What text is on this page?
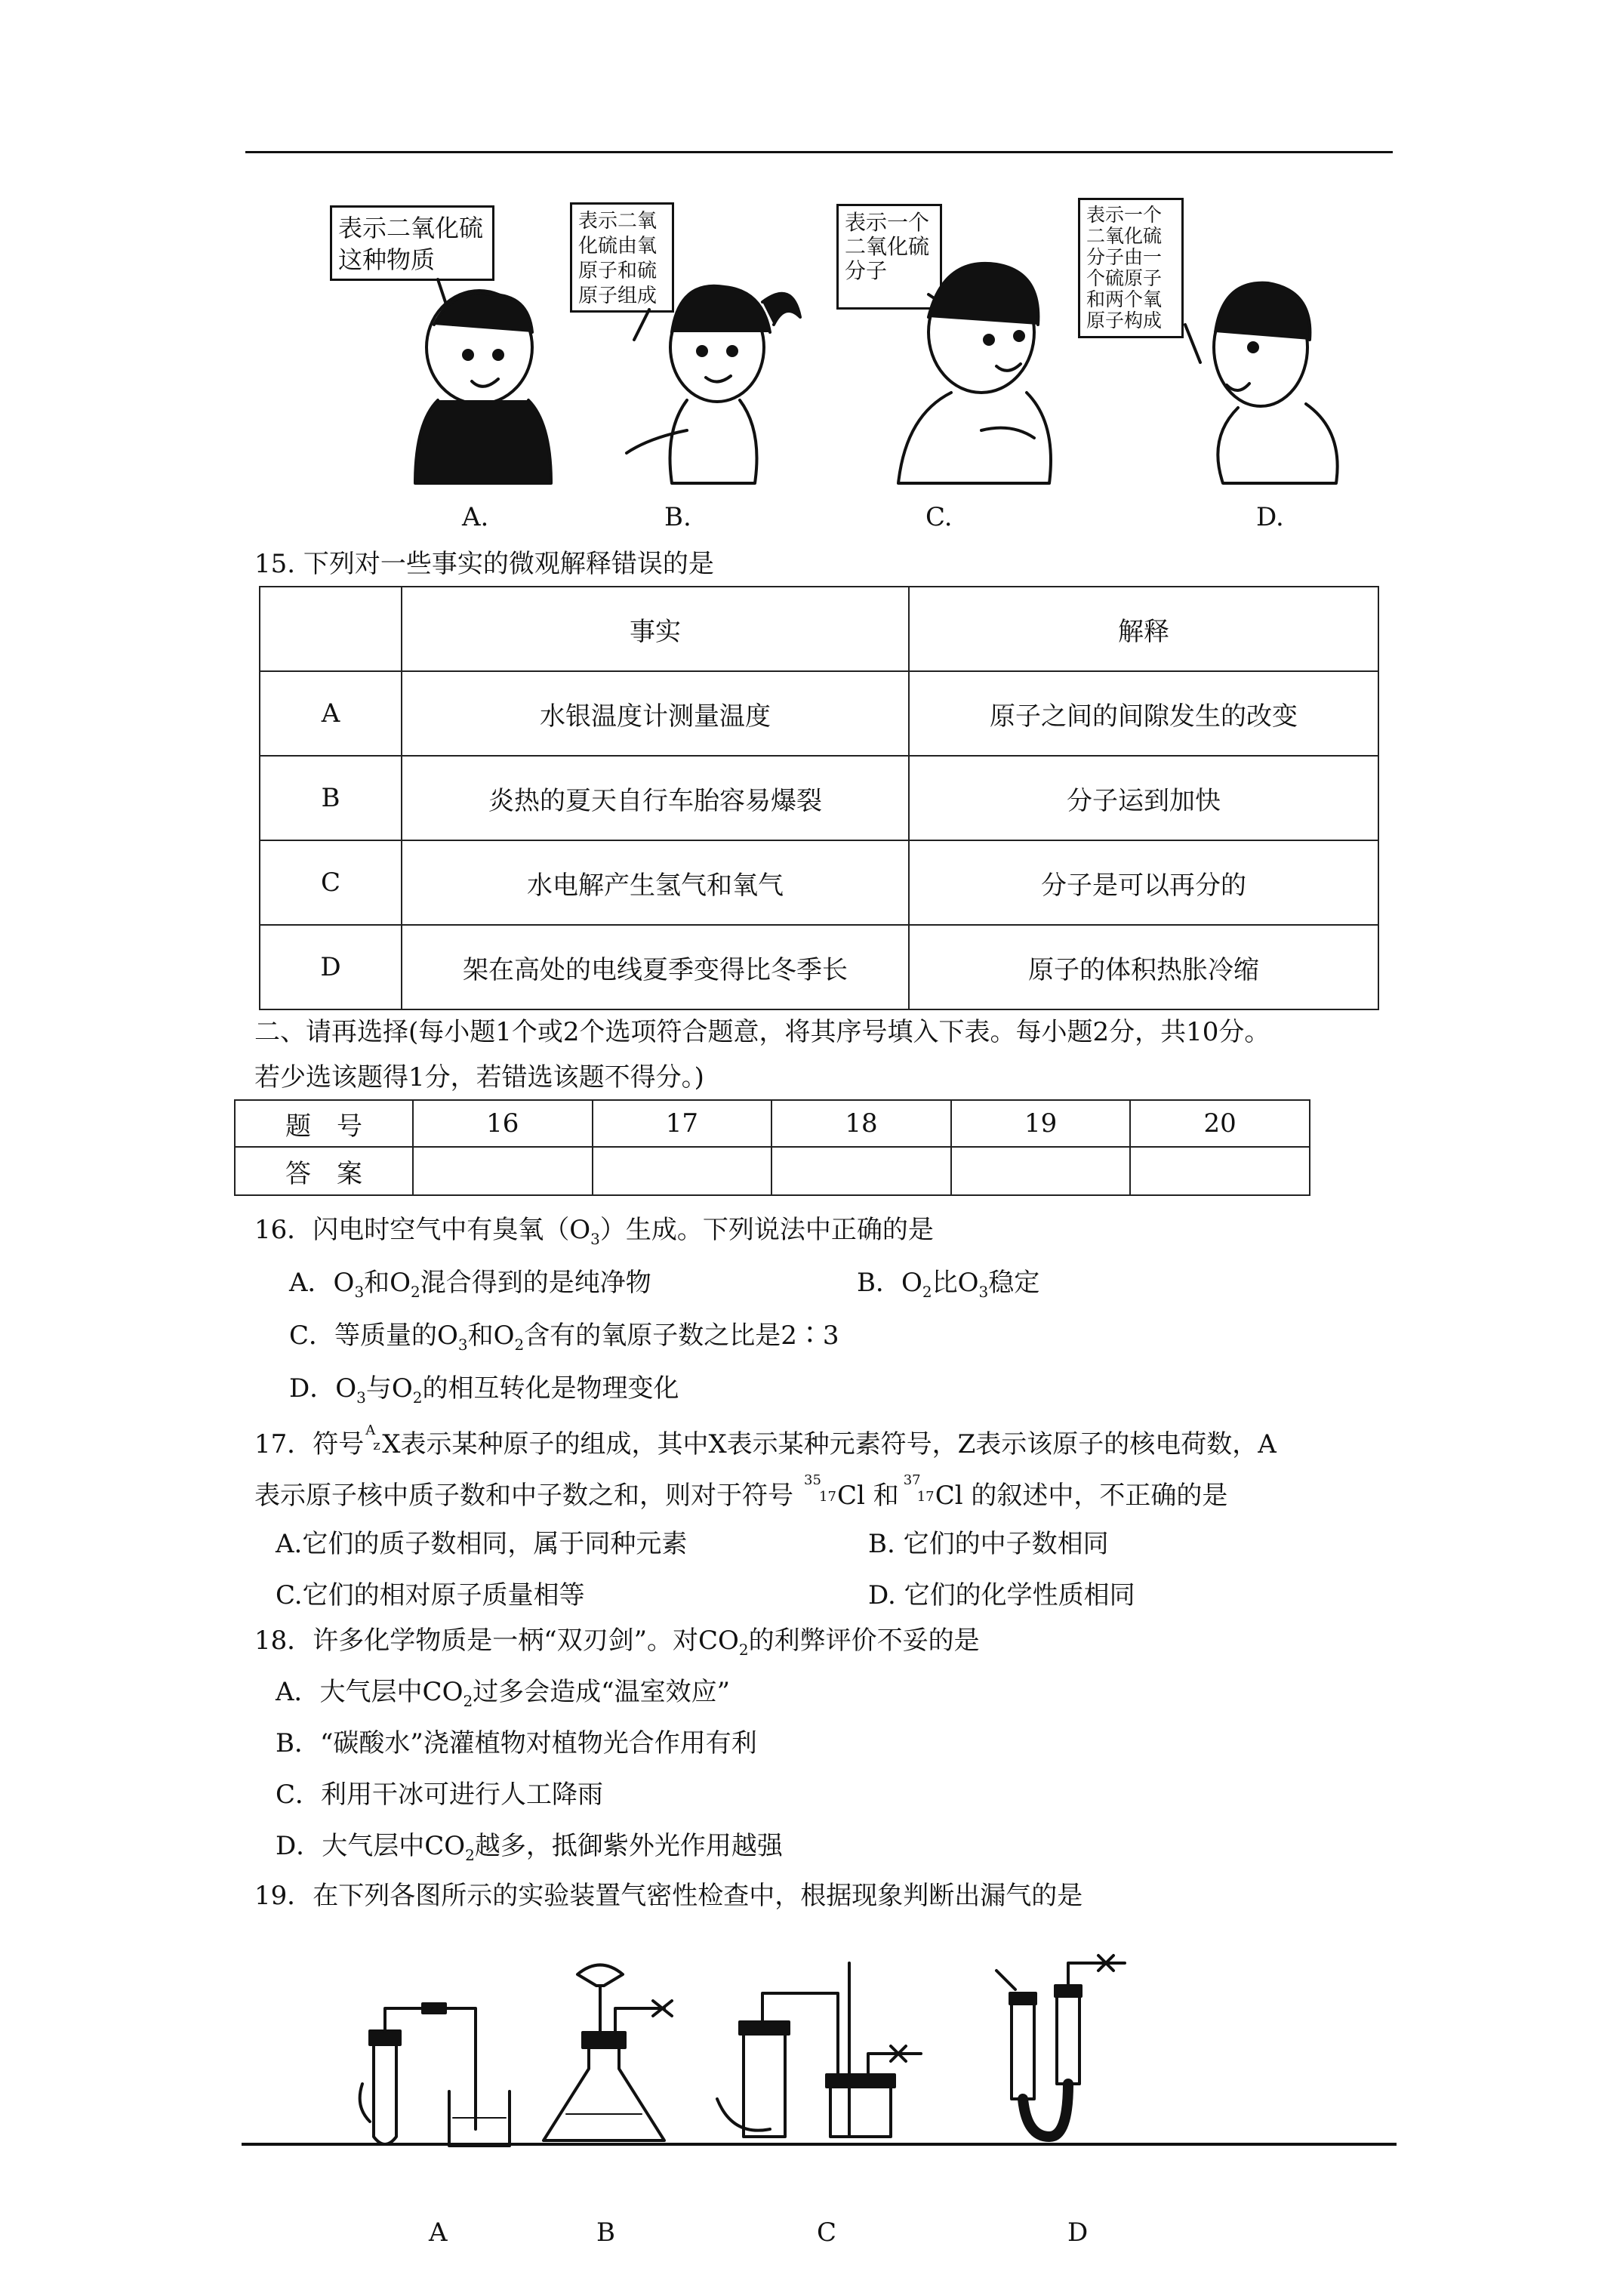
表示二氧化硫这种物质
表示二氧化硫由氧原子和硫原子组成
表示一个二氧化硫分子
表示一个二氧化硫分子由一个硫原子和两个氧原子构成
A.	B.	C.	D.
15. 下列对一些事实的微观解释错误的是
	事实	解释
A	水银温度计测量温度	原子之间的间隙发生的改变
B	炎热的夏天自行车胎容易爆裂	分子运到加快
C	水电解产生氢气和氧气	分子是可以再分的
D	架在高处的电线夏季变得比冬季长	原子的体积热胀冷缩
二、请再选择(每小题1个或2个选项符合题意，将其序号填入下表。每小题2分，共10分。
若少选该题得1分，若错选该题不得分。)
题　号	16	17	18	19	20
答　案					
16．闪电时空气中有臭氧$(O_3)$生成。下列说法中正确的是
A．$O_3$和$O_2$混合得到的是纯净物	B．$O_2$比$O_3$稳定
C．等质量的$O_3$和$O_2$含有的氧原子数之比是2∶3
D．$O_3$与$O_2$的相互转化是物理变化
17．符号 A
z X表示某种原子的组成，其中X表示某种元素符号，Z表示该原子的核电荷数，A
表示原子核中质子数和中子数之和，则对于符号
35
17 Cl 和
37
17 Cl 的叙述中，不正确的是
A.它们的质子数相同，属于同种元素	B. 它们的中子数相同
C.它们的相对原子质量相等	D. 它们的化学性质相同
18．许多化学物质是一柄“双刃剑”。对$CO_2$的利弊评价不妥的是
A．大气层中$CO_2$过多会造成“温室效应”
B．“碳酸水”浇灌植物对植物光合作用有利
C．利用干冰可进行人工降雨
D．大气层中$CO_2$越多，抵御紫外光作用越强
19．在下列各图所示的实验装置气密性检查中，根据现象判断出漏气的是
A	B	C	D
